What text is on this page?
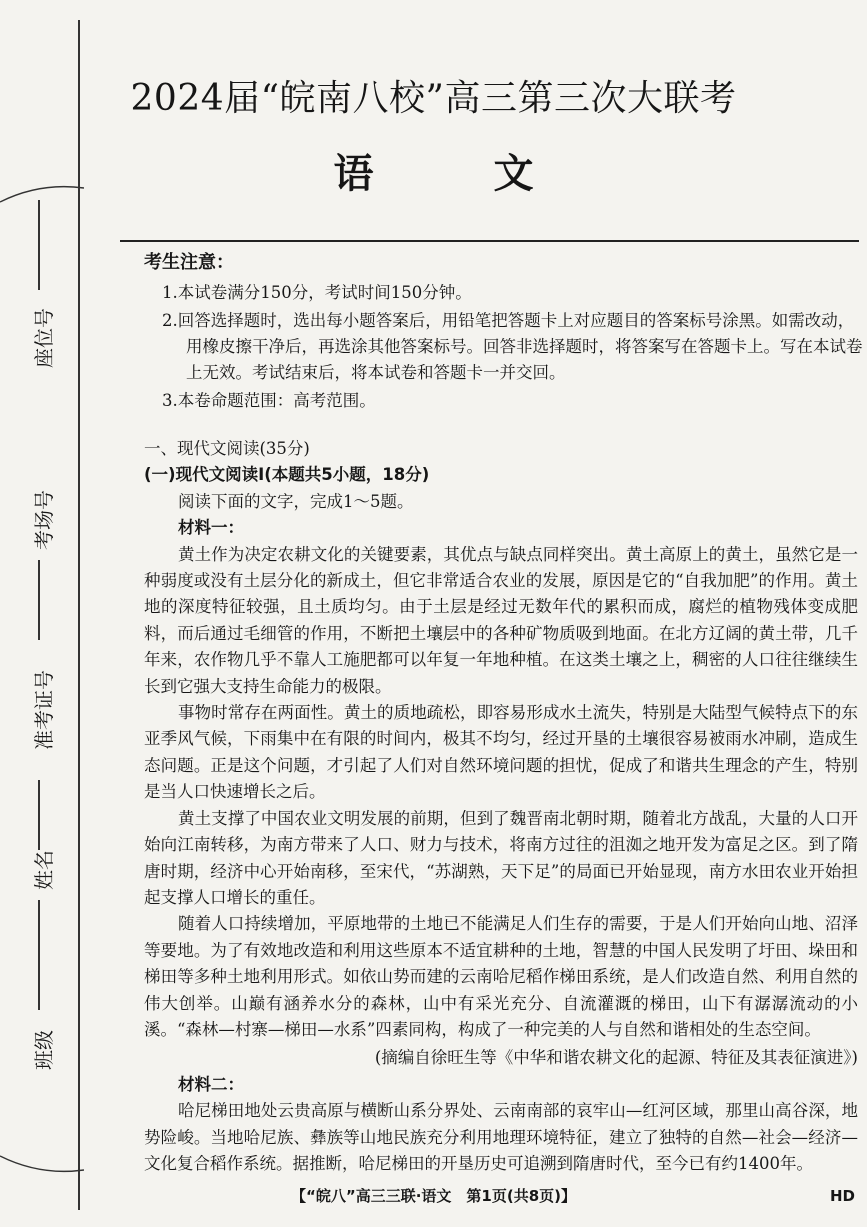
座位号
考场号
准考证号
姓名
班级
2024届“皖南八校”高三第三次大联考
语文

考生注意：

1.本试卷满分150分，考试时间150分钟。

2.回答选择题时，选出每小题答案后，用铅笔把答题卡上对应题目的答案标号涂黑。如需改动，用橡皮擦干净后，再选涂其他答案标号。回答非选择题时，将答案写在答题卡上。写在本试卷上无效。考试结束后，将本试卷和答题卡一并交回。

3.本卷命题范围：高考范围。

一、现代文阅读(35分)

(一)现代文阅读Ⅰ(本题共5小题，18分)

阅读下面的文字，完成1～5题。

材料一：

黄土作为决定农耕文化的关键要素，其优点与缺点同样突出。黄土高原上的黄土，虽然它是一种弱度或没有土层分化的新成土，但它非常适合农业的发展，原因是它的“自我加肥”的作用。黄土地的深度特征较强，且土质均匀。由于土层是经过无数年代的累积而成，腐烂的植物残体变成肥料，而后通过毛细管的作用，不断把土壤层中的各种矿物质吸到地面。在北方辽阔的黄土带，几千年来，农作物几乎不靠人工施肥都可以年复一年地种植。在这类土壤之上，稠密的人口往往继续生长到它强大支持生命能力的极限。

事物时常存在两面性。黄土的质地疏松，即容易形成水土流失，特别是大陆型气候特点下的东亚季风气候，下雨集中在有限的时间内，极其不均匀，经过开垦的土壤很容易被雨水冲刷，造成生态问题。正是这个问题，才引起了人们对自然环境问题的担忧，促成了和谐共生理念的产生，特别是当人口快速增长之后。

黄土支撑了中国农业文明发展的前期，但到了魏晋南北朝时期，随着北方战乱，大量的人口开始向江南转移，为南方带来了人口、财力与技术，将南方过往的沮洳之地开发为富足之区。到了隋唐时期，经济中心开始南移，至宋代，“苏湖熟，天下足”的局面已开始显现，南方水田农业开始担起支撑人口增长的重任。

随着人口持续增加，平原地带的土地已不能满足人们生存的需要，于是人们开始向山地、沼泽等要地。为了有效地改造和利用这些原本不适宜耕种的土地，智慧的中国人民发明了圩田、垛田和梯田等多种土地利用形式。如依山势而建的云南哈尼稻作梯田系统，是人们改造自然、利用自然的伟大创举。山巅有涵养水分的森林，山中有采光充分、自流灌溉的梯田，山下有潺潺流动的小溪。“森林—村寨—梯田—水系”四素同构，构成了一种完美的人与自然和谐相处的生态空间。

(摘编自徐旺生等《中华和谐农耕文化的起源、特征及其表征演进》)

材料二：

哈尼梯田地处云贵高原与横断山系分界处、云南南部的哀牢山—红河区域，那里山高谷深，地势险峻。当地哈尼族、彝族等山地民族充分利用地理环境特征，建立了独特的自然—社会—经济—文化复合稻作系统。据推断，哈尼梯田的开垦历史可追溯到隋唐时代，至今已有约1400年。

【“皖八”高三三联·语文　第1页(共8页)】	HD
